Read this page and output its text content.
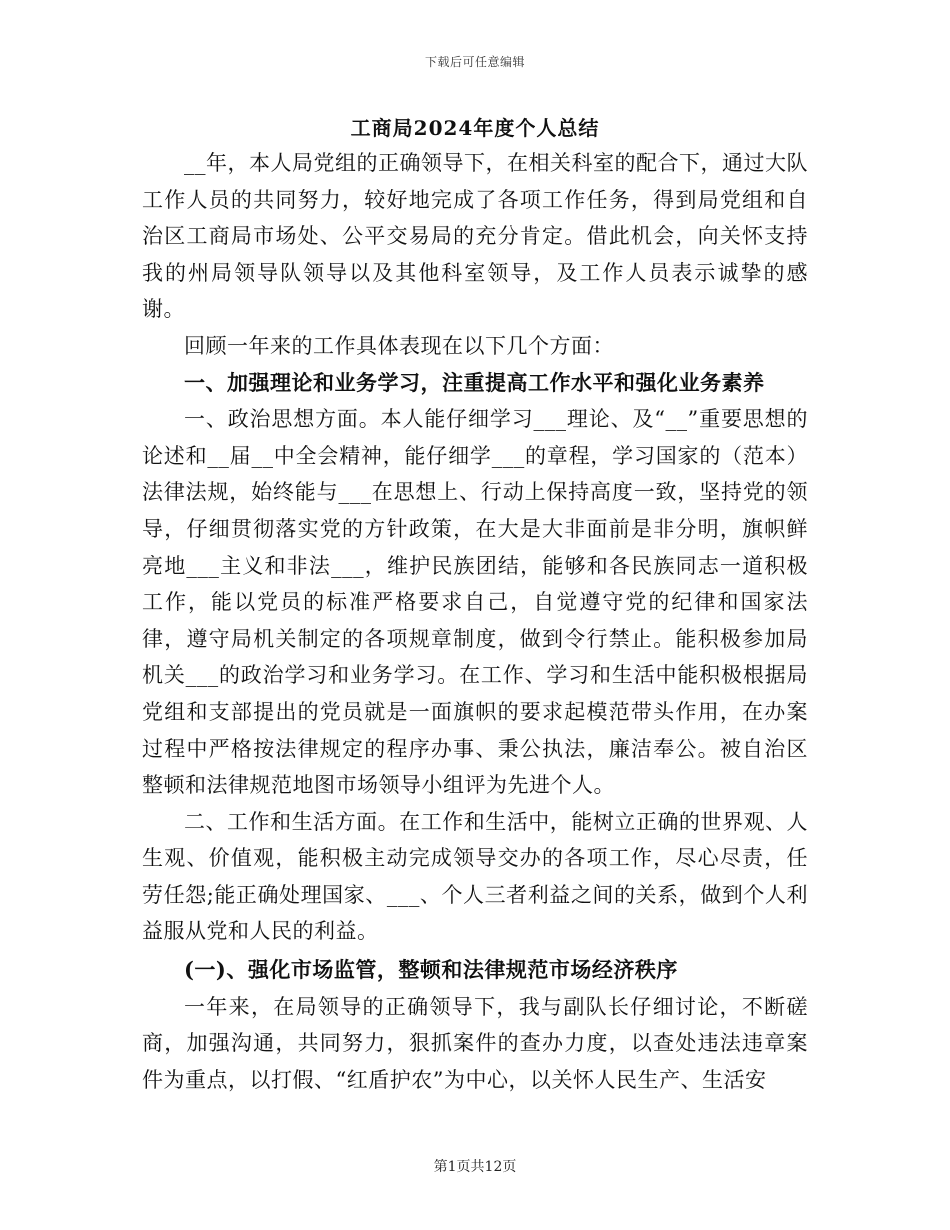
下载后可任意编辑
工商局2024年度个人总结

__年，本人局党组的正确领导下，在相关科室的配合下，通过大队工作人员的共同努力，较好地完成了各项工作任务，得到局党组和自治区工商局市场处、公平交易局的充分肯定。借此机会，向关怀支持我的州局领导队领导以及其他科室领导，及工作人员表示诚挚的感谢。

回顾一年来的工作具体表现在以下几个方面：

一、加强理论和业务学习，注重提高工作水平和强化业务素养

一、政治思想方面。本人能仔细学习___理论、及“__”重要思想的论述和__届__中全会精神，能仔细学___的章程，学习国家的（范本）法律法规，始终能与___在思想上、行动上保持高度一致，坚持党的领导，仔细贯彻落实党的方针政策，在大是大非面前是非分明，旗帜鲜亮地___主义和非法___，维护民族团结，能够和各民族同志一道积极工作，能以党员的标准严格要求自己，自觉遵守党的纪律和国家法律，遵守局机关制定的各项规章制度，做到令行禁止。能积极参加局机关___的政治学习和业务学习。在工作、学习和生活中能积极根据局党组和支部提出的党员就是一面旗帜的要求起模范带头作用，在办案过程中严格按法律规定的程序办事、秉公执法，廉洁奉公。被自治区整顿和法律规范地图市场领导小组评为先进个人。

二、工作和生活方面。在工作和生活中，能树立正确的世界观、人生观、价值观，能积极主动完成领导交办的各项工作，尽心尽责，任劳任怨;能正确处理国家、___、个人三者利益之间的关系，做到个人利益服从党和人民的利益。

(一)、强化市场监管，整顿和法律规范市场经济秩序

一年来，在局领导的正确领导下，我与副队长仔细讨论，不断磋商，加强沟通，共同努力，狠抓案件的查办力度，以查处违法违章案件为重点，以打假、“红盾护农”为中心，以关怀人民生产、生活安

第1页共12页
